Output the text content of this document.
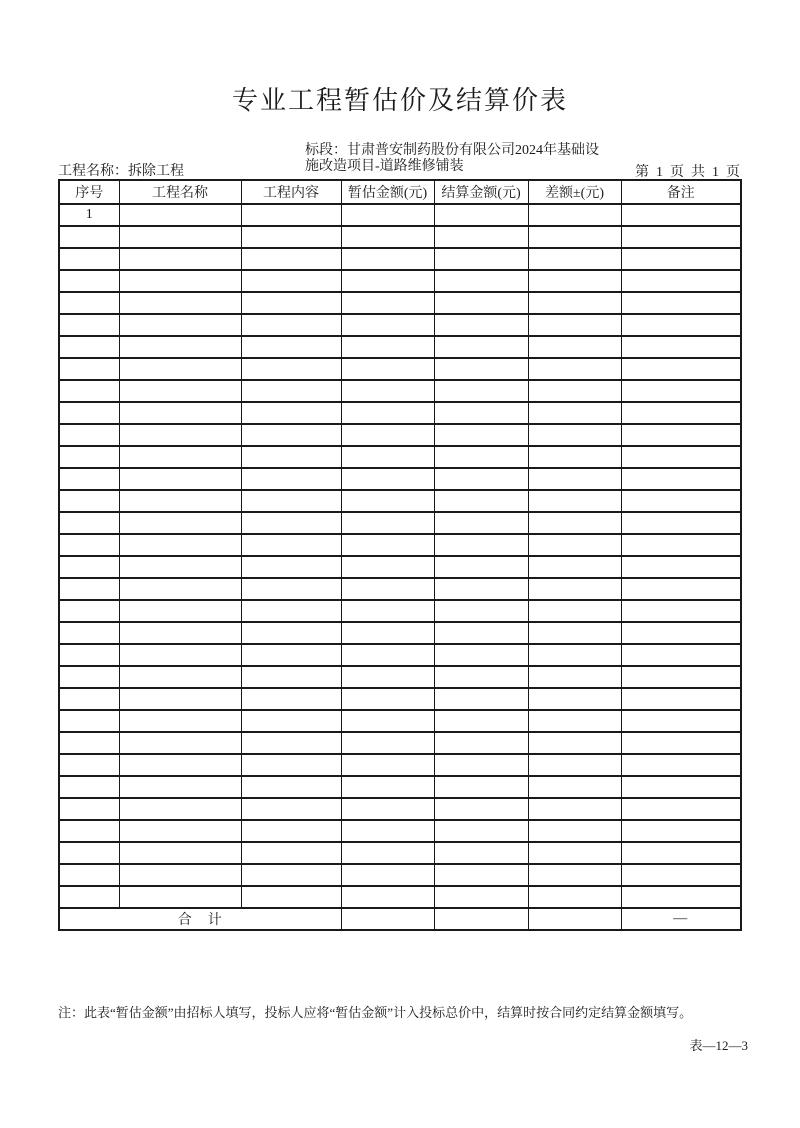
专业工程暂估价及结算价表
工程名称：拆除工程
标段：甘肃普安制药股份有限公司2024年基础设
施改造项目-道路维修铺装	第  1  页  共  1  页
序号	工程名称	工程内容	暂估金额(元)	结算金额(元)	差额±(元)	备注
1						

合　计						—
注：此表“暂估金额”由招标人填写，投标人应将“暂估金额”计入投标总价中，结算时按合同约定结算金额填写。
表—12—3
